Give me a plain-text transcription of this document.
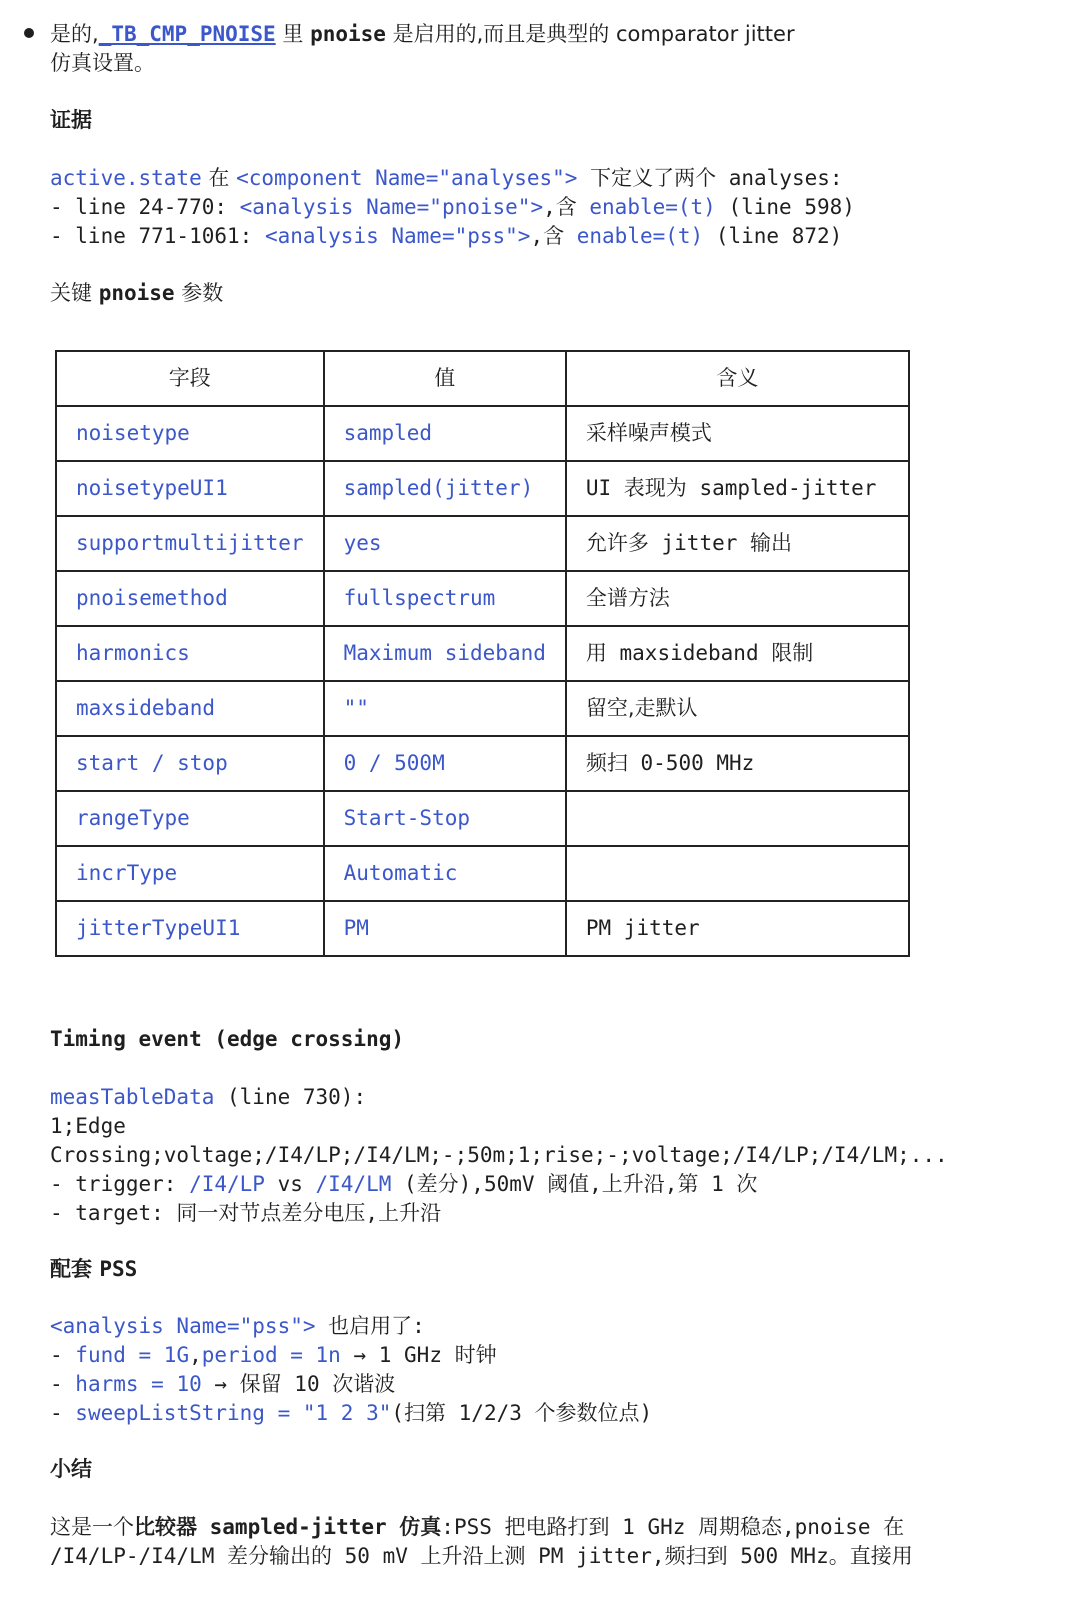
是的,_TB_CMP_PNOISE 里 pnoise 是启用的,而且是典型的 comparator jitter
仿真设置。
证据
active.state 在 <component Name="analyses"> 下定义了两个 analyses:
- line 24-770: <analysis Name="pnoise">,含 enable=(t) (line 598)
- line 771-1061: <analysis Name="pss">,含 enable=(t) (line 872)
关键 pnoise 参数
字段	值	含义
noisetype	sampled	采样噪声模式
noisetypeUI1	sampled(jitter)	UI 表现为 sampled-jitter
supportmultijitter	yes	允许多 jitter 输出
pnoisemethod	fullspectrum	全谱方法
harmonics	Maximum sideband	用 maxsideband 限制
maxsideband	""	留空,走默认
start / stop	0 / 500M	频扫 0-500 MHz
rangeType	Start-Stop	
incrType	Automatic	
jitterTypeUI1	PM	PM jitter
Timing event (edge crossing)
measTableData (line 730):
1;Edge
Crossing;voltage;/I4/LP;/I4/LM;-;50m;1;rise;-;voltage;/I4/LP;/I4/LM;...
- trigger: /I4/LP vs /I4/LM (差分),50mV 阈值,上升沿,第 1 次
- target: 同一对节点差分电压,上升沿
配套 PSS
<analysis Name="pss"> 也启用了:
- fund = 1G,period = 1n → 1 GHz 时钟
- harms = 10 → 保留 10 次谐波
- sweepListString = "1 2 3"(扫第 1/2/3 个参数位点)
小结
这是一个比较器 sampled-jitter 仿真:PSS 把电路打到 1 GHz 周期稳态,pnoise 在
/I4/LP-/I4/LM 差分输出的 50 mV 上升沿上测 PM jitter,频扫到 500 MHz。直接用
